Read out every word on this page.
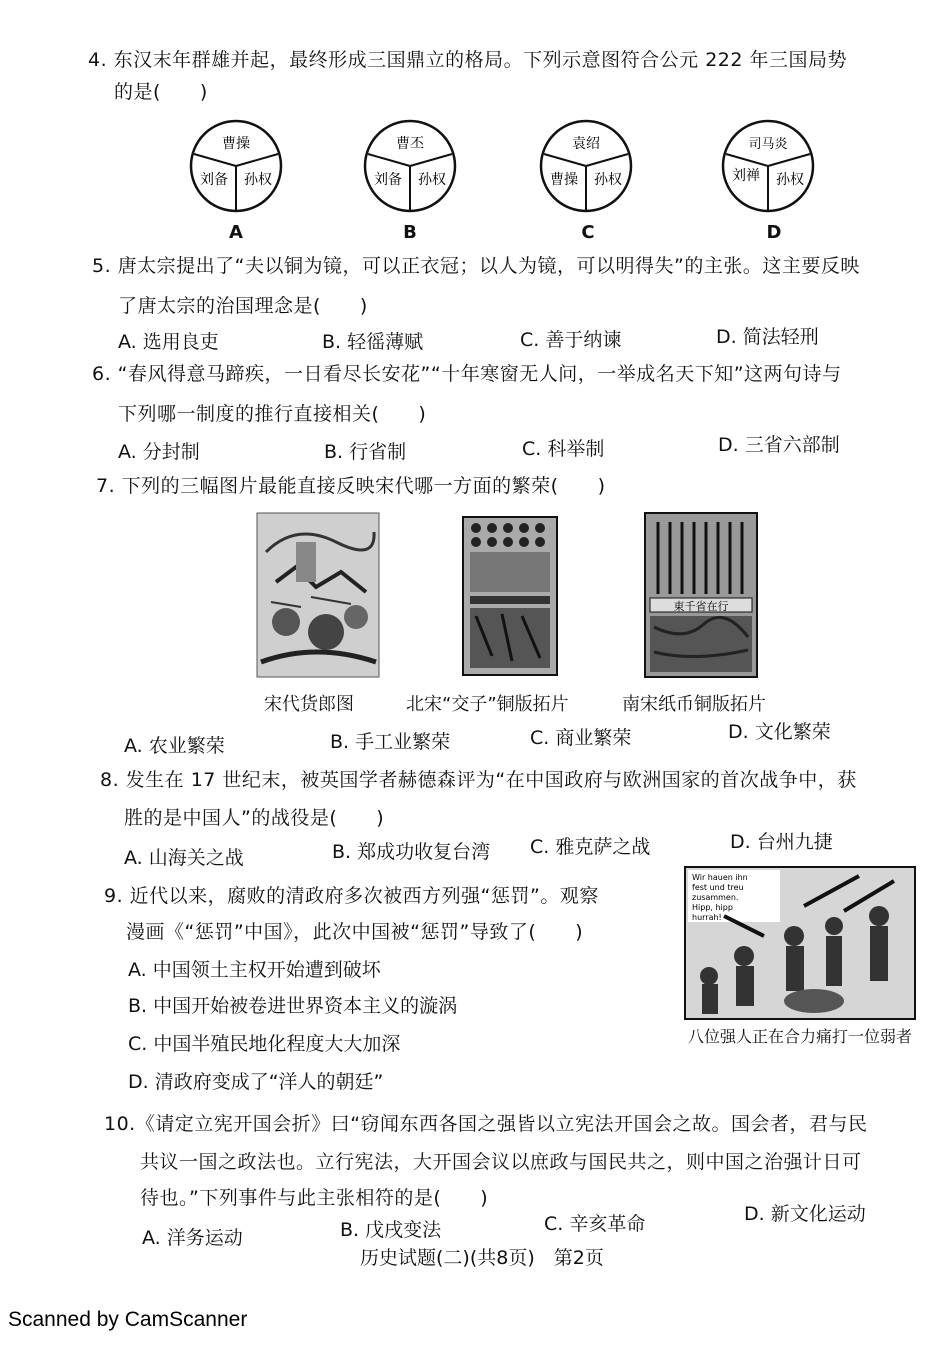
4. 东汉末年群雄并起，最终形成三国鼎立的格局。下列示意图符合公元 222 年三国局势
的是(　　)
曹操
刘备 孙权
A
曹丕
刘备 孙权
B
袁绍
曹操 孙权
C
司马炎
刘禅 孙权
D
5. 唐太宗提出了“夫以铜为镜，可以正衣冠；以人为镜，可以明得失”的主张。这主要反映
了唐太宗的治国理念是(　　)
A. 选用良吏	B. 轻徭薄赋	C. 善于纳谏	D. 简法轻刑
6. “春风得意马蹄疾，一日看尽长安花”“十年寒窗无人问，一举成名天下知”这两句诗与
下列哪一制度的推行直接相关(　　)
A. 分封制	B. 行省制	C. 科举制	D. 三省六部制
7. 下列的三幅图片最能直接反映宋代哪一方面的繁荣(　　)
東千省在行
宋代货郎图	北宋“交子”铜版拓片	南宋纸币铜版拓片
A. 农业繁荣	B. 手工业繁荣	C. 商业繁荣	D. 文化繁荣
8. 发生在 17 世纪末，被英国学者赫德森评为“在中国政府与欧洲国家的首次战争中，获
胜的是中国人”的战役是(　　)
A. 山海关之战	B. 郑成功收复台湾 C. 雅克萨之战	D. 台州九捷
9. 近代以来，腐败的清政府多次被西方列强“惩罚”。观察
漫画《“惩罚”中国》，此次中国被“惩罚”导致了(　　)
A. 中国领土主权开始遭到破坏
B. 中国开始被卷进世界资本主义的漩涡
C. 中国半殖民地化程度大大加深
D. 清政府变成了“洋人的朝廷”
Wir hauen ihn
fest und treu
zusammen.
Hipp, hipp
hurrah!
八位强人正在合力痛打一位弱者
10.《请定立宪开国会折》曰“窃闻东西各国之强皆以立宪法开国会之故。国会者，君与民
共议一国之政法也。立行宪法，大开国会议以庶政与国民共之，则中国之治强计日可
待也。”下列事件与此主张相符的是(　　)
A. 洋务运动	B. 戊戌变法	C. 辛亥革命	D. 新文化运动
历史试题(二)(共8页)　第2页
Scanned by CamScanner
